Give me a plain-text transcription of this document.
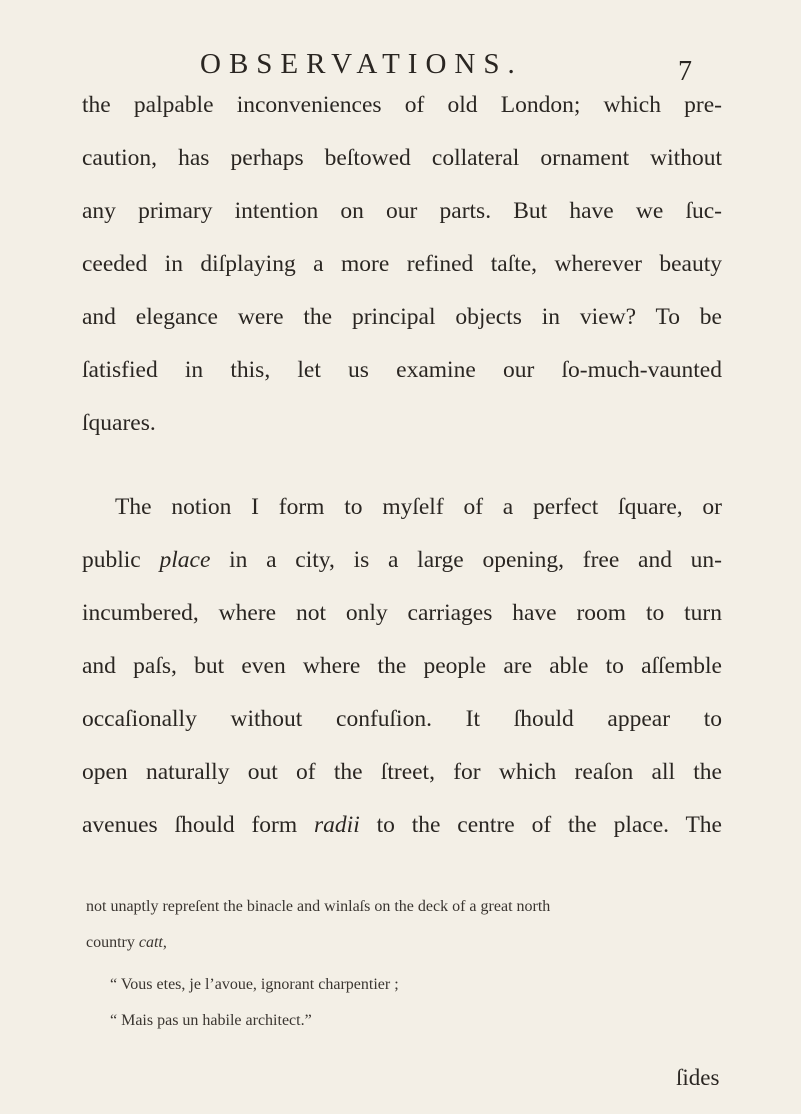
OBSERVATIONS.	7
the palpable inconveniences of old London; which pre-
caution, has perhaps beſtowed collateral ornament without
any primary intention on our parts. But have we ſuc-
ceeded in diſplaying a more refined taſte, wherever beauty
and elegance were the principal objects in view? To be
ſatisfied in this, let us examine our ſo-much-vaunted
ſquares.
The notion I form to myſelf of a perfect ſquare, or
public place in a city, is a large opening, free and un-
incumbered, where not only carriages have room to turn
and paſs, but even where the people are able to aſſemble
occaſionally without confuſion. It ſhould appear to
open naturally out of the ſtreet, for which reaſon all the
avenues ſhould form radii to the centre of the place. The
not unaptly repreſent the binacle and winlaſs on the deck of a great north
country catt,
“ Vous etes, je l’avoue, ignorant charpentier ;
“ Mais pas un habile architect.”
ſides
